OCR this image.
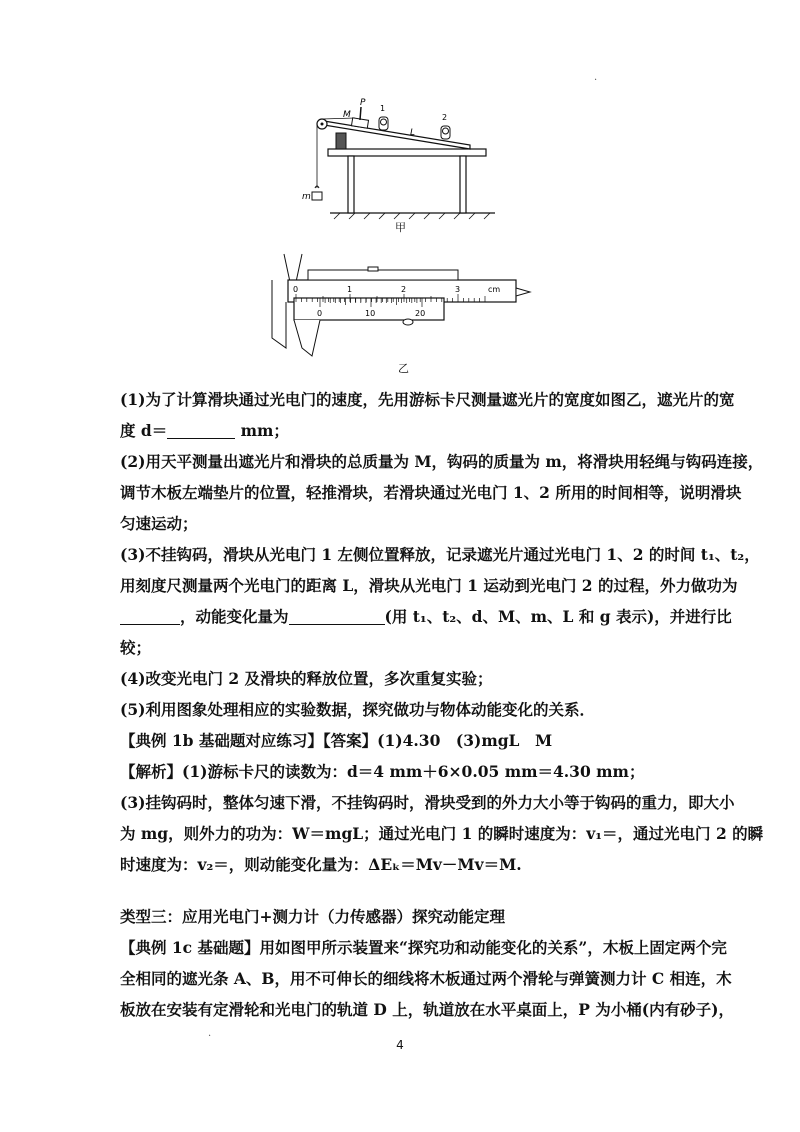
.
P
M
1
2
L
m
甲
0	1	2	3	cm
0	10	20
乙
(1)为了计算滑块通过光电门的速度，先用游标卡尺测量遮光片的宽度如图乙，遮光片的宽
度 d＝	mm；
(2)用天平测量出遮光片和滑块的总质量为 M，钩码的质量为 m，将滑块用轻绳与钩码连接，
调节木板左端垫片的位置，轻推滑块，若滑块通过光电门 1、2 所用的时间相等，说明滑块
匀速运动；
(3)不挂钩码，滑块从光电门 1 左侧位置释放，记录遮光片通过光电门 1、2 的时间 t₁、t₂，
用刻度尺测量两个光电门的距离 L，滑块从光电门 1 运动到光电门 2 的过程，外力做功为
，动能变化量为	(用 t₁、t₂、d、M、m、L 和 g 表示)，并进行比
较；
(4)改变光电门 2 及滑块的释放位置，多次重复实验；
(5)利用图象处理相应的实验数据，探究做功与物体动能变化的关系．
【典例 1b 基础题对应练习】【答案】(1)4.30　(3)mgL　M
【解析】(1)游标卡尺的读数为：d＝4 mm＋6×0.05 mm＝4.30 mm；
(3)挂钩码时，整体匀速下滑，不挂钩码时，滑块受到的外力大小等于钩码的重力，即大小
为 mg，则外力的功为：W＝mgL；通过光电门 1 的瞬时速度为：v₁＝，通过光电门 2 的瞬
时速度为：v₂＝，则动能变化量为：ΔEₖ＝Mv－Mv＝M.
类型三：应用光电门+测力计（力传感器）探究动能定理
【典例 1c 基础题】用如图甲所示装置来“探究功和动能变化的关系”，木板上固定两个完
全相同的遮光条 A、B，用不可伸长的细线将木板通过两个滑轮与弹簧测力计 C 相连，木
板放在安装有定滑轮和光电门的轨道 D 上，轨道放在水平桌面上，P 为小桶(内有砂子)，
.
4
